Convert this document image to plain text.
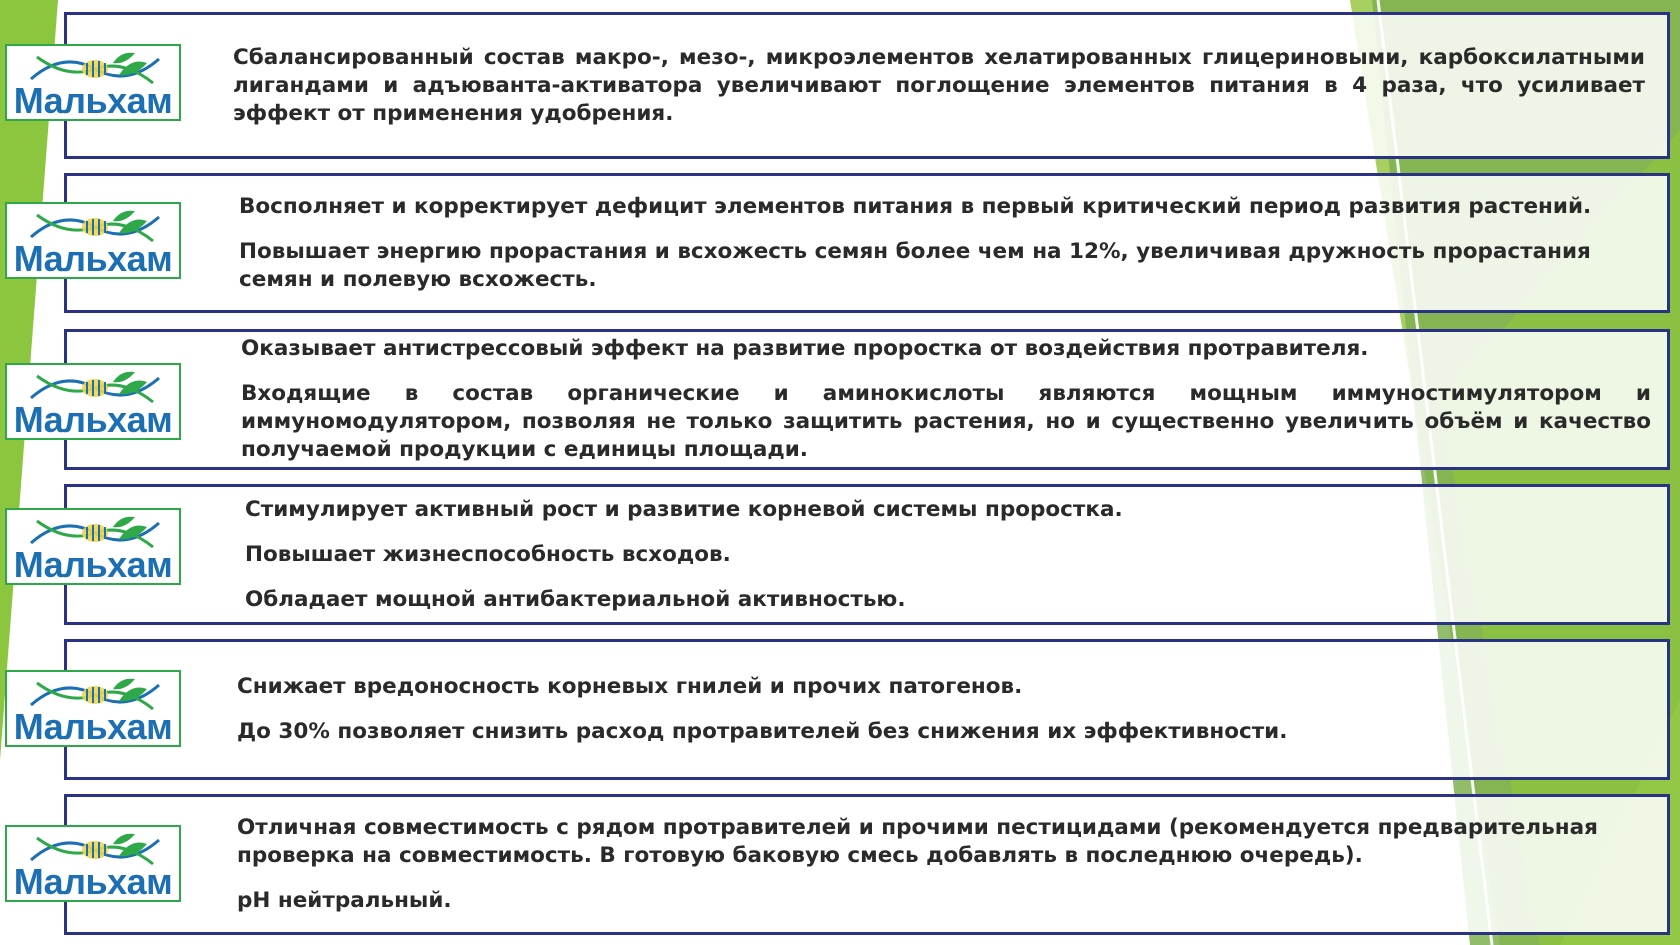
Сбалансированный состав макро-, мезо-, микроэлементов хелатированных глицериновыми, карбоксилатными лигандами и адъюванта-активатора увеличивают поглощение элементов питания в 4 раза, что усиливает эффект от применения удобрения.

Мальхам

Восполняет и корректирует дефицит элементов питания в первый критический период развития растений.

Повышает энергию прорастания и всхожесть семян более чем на 12%, увеличивая дружность прорастания семян и полевую всхожесть.

Мальхам

Оказывает антистрессовый эффект на развитие проростка от воздействия протравителя.

Входящие в состав органические и аминокислоты являются мощным иммуностимулятором и иммуномодулятором, позволяя не только защитить растения, но и существенно увеличить объём и качество получаемой продукции с единицы площади.

Мальхам

Стимулирует активный рост и развитие корневой системы проростка.

Повышает жизнеспособность всходов.

Обладает мощной антибактериальной активностью.

Мальхам

Снижает вредоносность корневых гнилей и прочих патогенов.

До 30% позволяет снизить расход протравителей без снижения их эффективности.

Мальхам

Отличная совместимость с рядом протравителей и прочими пестицидами (рекомендуется предварительная проверка на совместимость. В готовую баковую смесь добавлять в последнюю очередь).

pH нейтральный.

Мальхам
